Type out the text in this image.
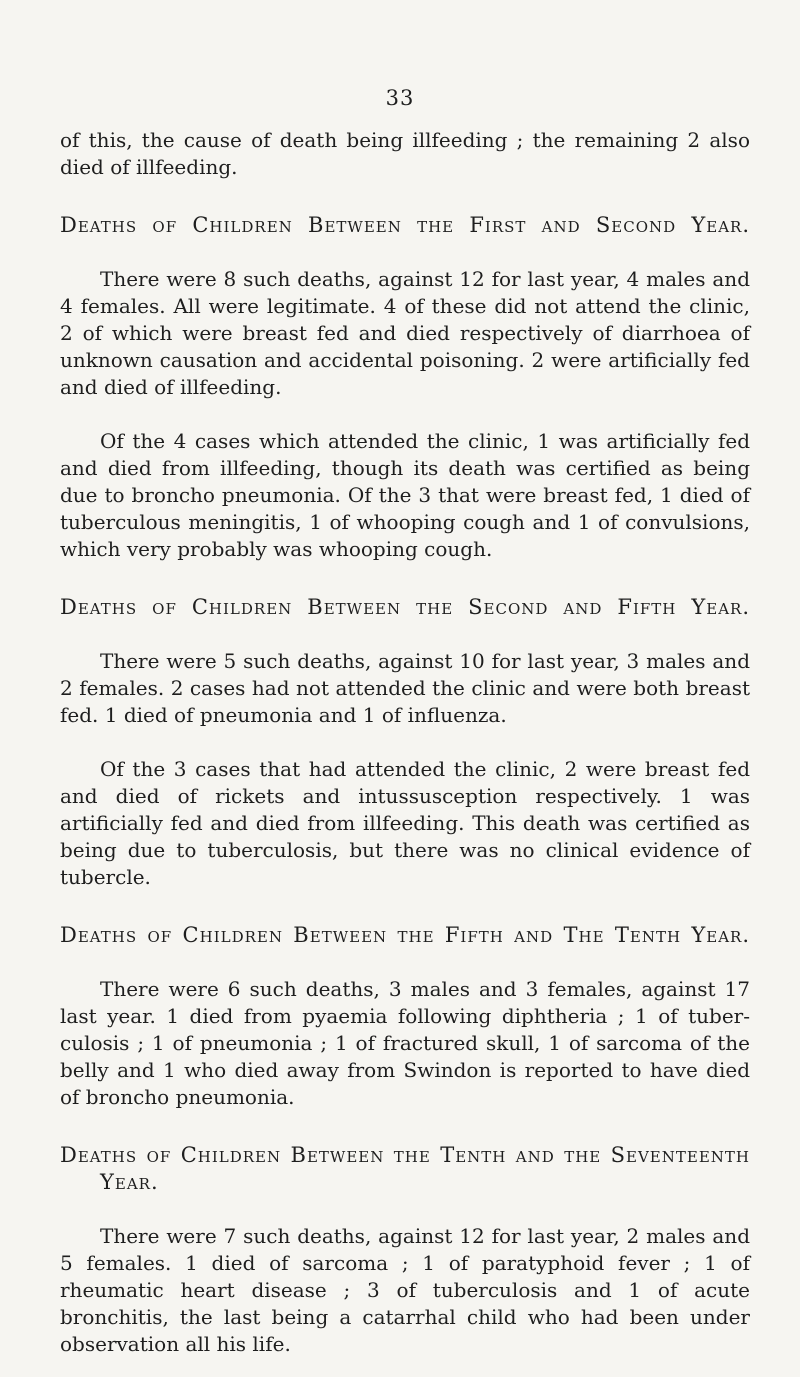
33

of this, the cause of death being illfeeding ; the remaining 2 also died of illfeeding.

Deaths of Children Between the First and Second Year.

There were 8 such deaths, against 12 for last year, 4 males and 4 females. All were legitimate. 4 of these did not attend the clinic, 2 of which were breast fed and died respectively of diarrhoea of unknown causation and accidental poisoning. 2 were artificially fed and died of illfeeding.

Of the 4 cases which attended the clinic, 1 was artificially fed and died from illfeeding, though its death was certified as being due to broncho pneumonia. Of the 3 that were breast fed, 1 died of tuberculous meningitis, 1 of whooping cough and 1 of convulsions, which very probably was whooping cough.

Deaths of Children Between the Second and Fifth Year.

There were 5 such deaths, against 10 for last year, 3 males and 2 females. 2 cases had not attended the clinic and were both breast fed. 1 died of pneumonia and 1 of influenza.

Of the 3 cases that had attended the clinic, 2 were breast fed and died of rickets and intussusception respectively. 1 was artificially fed and died from illfeeding. This death was certified as being due to tuberculosis, but there was no clinical evidence of tubercle.

Deaths of Children Between the Fifth and The Tenth Year.

There were 6 such deaths, 3 males and 3 females, against 17 last year. 1 died from pyaemia following diphtheria ; 1 of tuber-culosis ; 1 of pneumonia ; 1 of fractured skull, 1 of sarcoma of the belly and 1 who died away from Swindon is reported to have died of broncho pneumonia.

Deaths of Children Between the Tenth and the Seventeenth
Year.

There were 7 such deaths, against 12 for last year, 2 males and 5 females. 1 died of sarcoma ; 1 of paratyphoid fever ; 1 of rheumatic heart disease ; 3 of tuberculosis and 1 of acute bronchitis, the last being a catarrhal child who had been under observation all his life.
